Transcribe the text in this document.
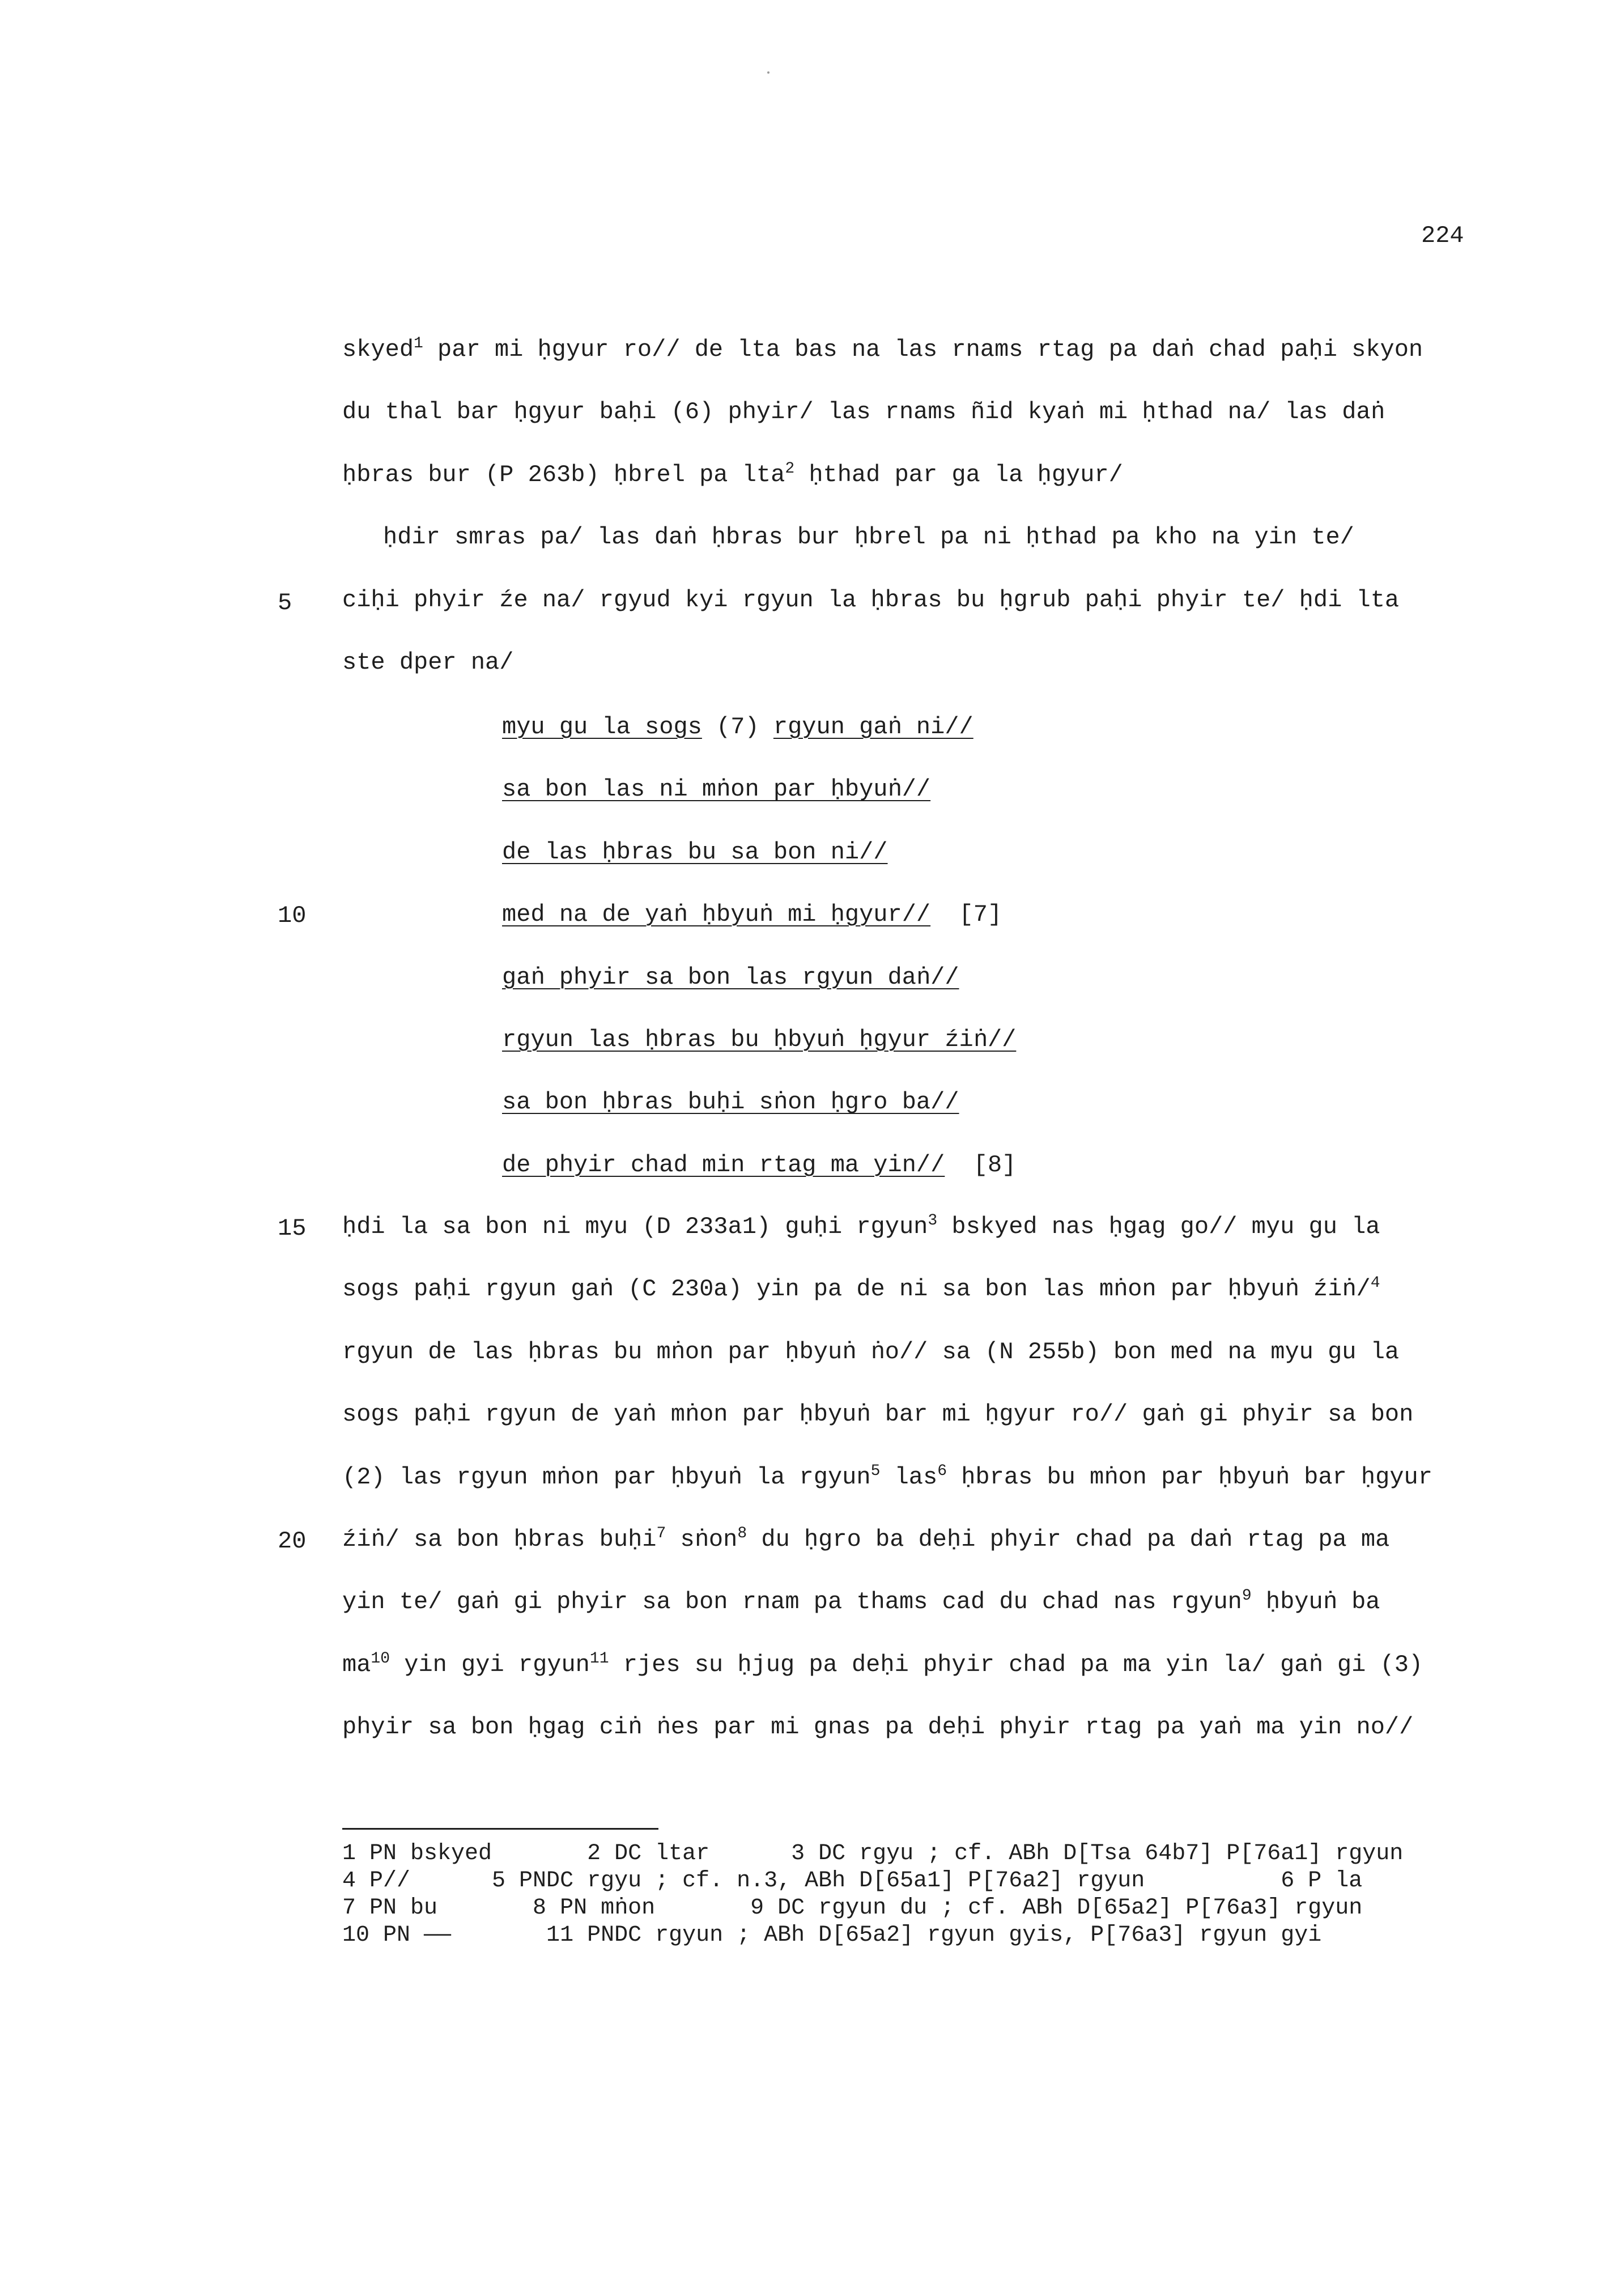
224
skyed$^1$ par mi ḥgyur ro// de lta bas na las rnams rtag pa daṅ chad paḥi skyon
du thal bar ḥgyur baḥi (6) phyir/ las rnams ñid kyaṅ mi ḥthad na/ las daṅ
ḥbras bur (P 263b) ḥbrel pa lta$^2$ ḥthad par ga la ḥgyur/
ḥdir smras pa/ las daṅ ḥbras bur ḥbrel pa ni ḥthad pa kho na yin te/
ciḥi phyir źe na/ rgyud kyi rgyun la ḥbras bu ḥgrub paḥi phyir te/ ḥdi lta
ste dper na/
myu gu la sogs (7) rgyun gaṅ ni//
sa bon las ni mṅon par ḥbyuṅ//
de las ḥbras bu sa bon ni//
med na de yaṅ ḥbyuṅ mi ḥgyur//  [7]
gaṅ phyir sa bon las rgyun daṅ//
rgyun las ḥbras bu ḥbyuṅ ḥgyur źiṅ//
sa bon ḥbras buḥi sṅon ḥgro ba//
de phyir chad min rtag ma yin//  [8]
ḥdi la sa bon ni myu (D 233a1) guḥi rgyun$^3$ bskyed nas ḥgag go// myu gu la
sogs paḥi rgyun gaṅ (C 230a) yin pa de ni sa bon las mṅon par ḥbyuṅ źiṅ/$^4$
rgyun de las ḥbras bu mṅon par ḥbyuṅ ṅo// sa (N 255b) bon med na myu gu la
sogs paḥi rgyun de yaṅ mṅon par ḥbyuṅ bar mi ḥgyur ro// gaṅ gi phyir sa bon
(2) las rgyun mṅon par ḥbyuṅ la rgyun$^5$ las$^6$ ḥbras bu mṅon par ḥbyuṅ bar ḥgyur
źiṅ/ sa bon ḥbras buḥi$^7$ sṅon$^8$ du ḥgro ba deḥi phyir chad pa daṅ rtag pa ma
yin te/ gaṅ gi phyir sa bon rnam pa thams cad du chad nas rgyun$^9$ ḥbyuṅ ba
$ma^{10}$ yin gyi rgyun$^{11}$ rjes su ḥjug pa deḥi phyir chad pa ma yin la/ gaṅ gi (3)
phyir sa bon ḥgag ciṅ ṅes par mi gnas pa deḥi phyir rtag pa yaṅ ma yin no//
5
10
15
20
1 PN bskyed       2 DC ltar      3 DC rgyu ; cf. ABh D[Tsa 64b7] P[76a1] rgyun
4 P//      5 PNDC rgyu ; cf. n.3, ABh D[65a1] P[76a2] rgyun          6 P la
7 PN bu       8 PN mṅon       9 DC rgyun du ; cf. ABh D[65a2] P[76a3] rgyun
10 PN ——       11 PNDC rgyun ; ABh D[65a2] rgyun gyis, P[76a3] rgyun gyi
